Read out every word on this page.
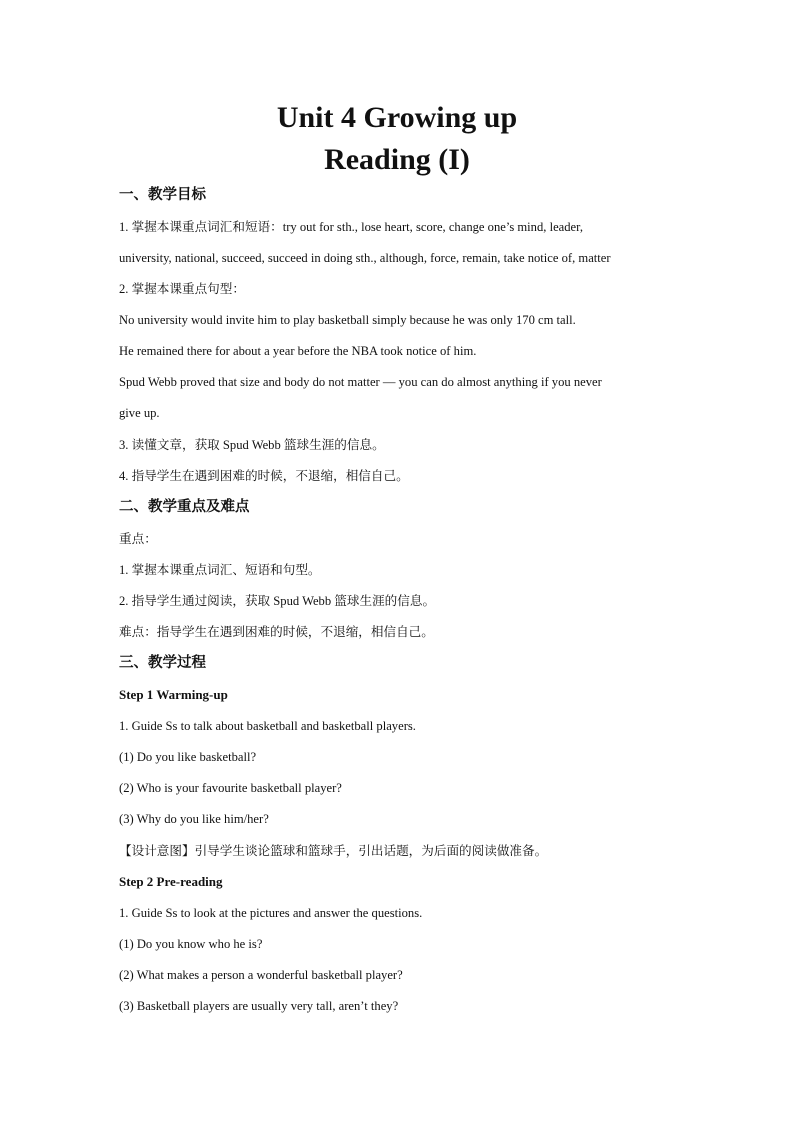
Unit 4 Growing up
Reading (I)

一、教学目标

1. 掌握本课重点词汇和短语：try out for sth., lose heart, score, change one’s mind, leader,

university, national, succeed, succeed in doing sth., although, force, remain, take notice of, matter

2. 掌握本课重点句型：

No university would invite him to play basketball simply because he was only 170 cm tall.

He remained there for about a year before the NBA took notice of him.

Spud Webb proved that size and body do not matter — you can do almost anything if you never

give up.

3. 读懂文章，获取 Spud Webb 篮球生涯的信息。

4. 指导学生在遇到困难的时候，不退缩，相信自己。

二、教学重点及难点

重点：

1. 掌握本课重点词汇、短语和句型。

2. 指导学生通过阅读，获取 Spud Webb 篮球生涯的信息。

难点：指导学生在遇到困难的时候，不退缩，相信自己。

三、教学过程

Step 1 Warming-up

1. Guide Ss to talk about basketball and basketball players.

(1) Do you like basketball?

(2) Who is your favourite basketball player?

(3) Why do you like him/her?

【设计意图】引导学生谈论篮球和篮球手，引出话题，为后面的阅读做准备。

Step 2 Pre-reading

1. Guide Ss to look at the pictures and answer the questions.

(1) Do you know who he is?

(2) What makes a person a wonderful basketball player?

(3) Basketball players are usually very tall, aren’t they?
